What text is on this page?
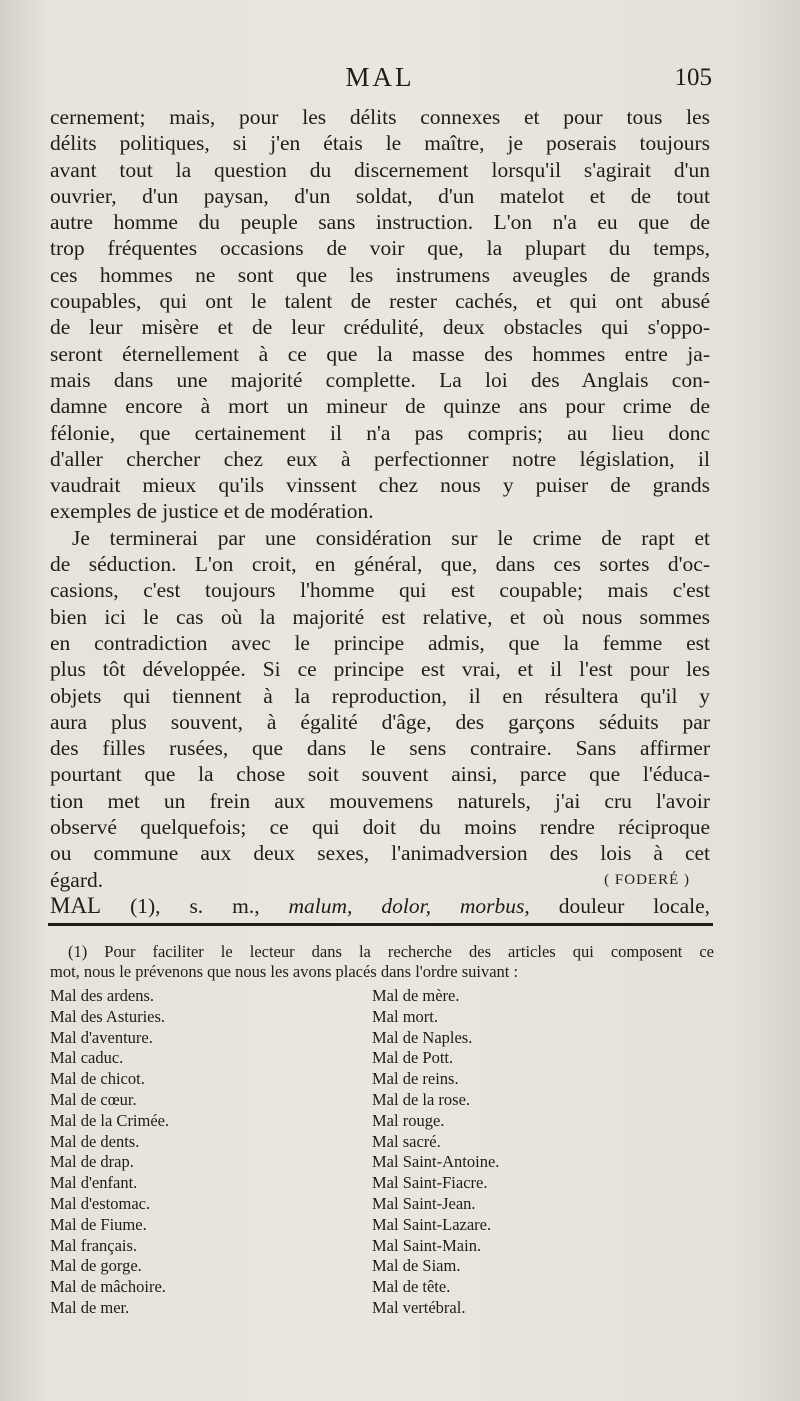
MAL	105
cernement; mais, pour les délits connexes et pour tous les
délits politiques, si j'en étais le maître, je poserais toujours
avant tout la question du discernement lorsqu'il s'agirait d'un
ouvrier, d'un paysan, d'un soldat, d'un matelot et de tout
autre homme du peuple sans instruction. L'on n'a eu que de
trop fréquentes occasions de voir que, la plupart du temps,
ces hommes ne sont que les instrumens aveugles de grands
coupables, qui ont le talent de rester cachés, et qui ont abusé
de leur misère et de leur crédulité, deux obstacles qui s'oppo-
seront éternellement à ce que la masse des hommes entre ja-
mais dans une majorité complette. La loi des Anglais con-
damne encore à mort un mineur de quinze ans pour crime de
félonie, que certainement il n'a pas compris; au lieu donc
d'aller chercher chez eux à perfectionner notre législation, il
vaudrait mieux qu'ils vinssent chez nous y puiser de grands
exemples de justice et de modération.
Je terminerai par une considération sur le crime de rapt et
de séduction. L'on croit, en général, que, dans ces sortes d'oc-
casions, c'est toujours l'homme qui est coupable; mais c'est
bien ici le cas où la majorité est relative, et où nous sommes
en contradiction avec le principe admis, que la femme est
plus tôt développée. Si ce principe est vrai, et il l'est pour les
objets qui tiennent à la reproduction, il en résultera qu'il y
aura plus souvent, à égalité d'âge, des garçons séduits par
des filles rusées, que dans le sens contraire. Sans affirmer
pourtant que la chose soit souvent ainsi, parce que l'éduca-
tion met un frein aux mouvemens naturels, j'ai cru l'avoir
observé quelquefois; ce qui doit du moins rendre réciproque
ou commune aux deux sexes, l'animadversion des lois à cet
égard.	( FODERÉ )
MAL (1), s. m., malum, dolor, morbus, douleur locale,
(1) Pour faciliter le lecteur dans la recherche des articles qui composent ce
mot, nous le prévenons que nous les avons placés dans l'ordre suivant :
Mal des ardens.
Mal des Asturies.
Mal d'aventure.
Mal caduc.
Mal de chicot.
Mal de cœur.
Mal de la Crimée.
Mal de dents.
Mal de drap.
Mal d'enfant.
Mal d'estomac.
Mal de Fiume.
Mal français.
Mal de gorge.
Mal de mâchoire.
Mal de mer.
Mal de mère.
Mal mort.
Mal de Naples.
Mal de Pott.
Mal de reins.
Mal de la rose.
Mal rouge.
Mal sacré.
Mal Saint-Antoine.
Mal Saint-Fiacre.
Mal Saint-Jean.
Mal Saint-Lazare.
Mal Saint-Main.
Mal de Siam.
Mal de tête.
Mal vertébral.
